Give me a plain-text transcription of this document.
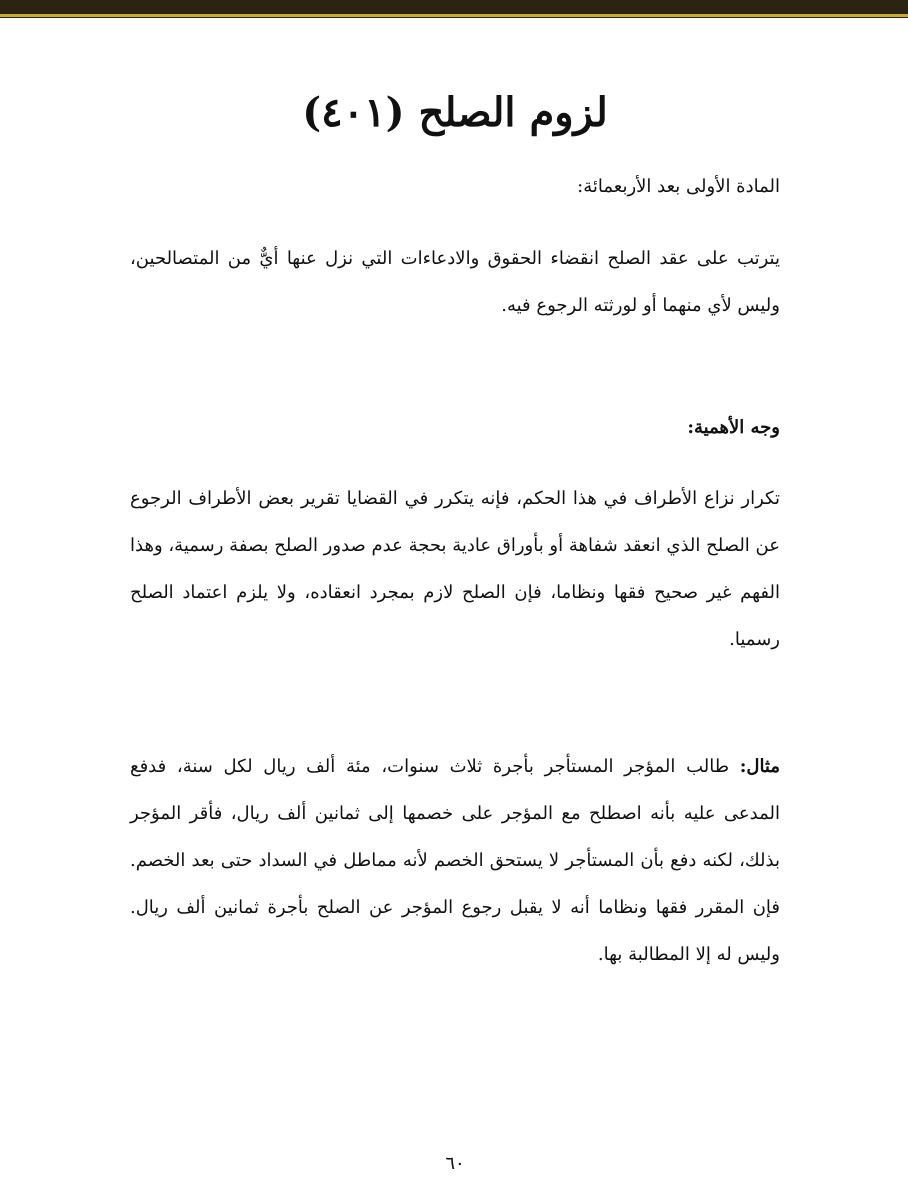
لزوم الصلح (٤٠١)

المادة الأولى بعد الأربعمائة:

يترتب على عقد الصلح انقضاء الحقوق والادعاءات التي نزل عنها أيٌّ من المتصالحين، وليس لأي منهما أو لورثته الرجوع فيه.

وجه الأهمية:

تكرار نزاع الأطراف في هذا الحكم، فإنه يتكرر في القضايا تقرير بعض الأطراف الرجوع عن الصلح الذي انعقد شفاهة أو بأوراق عادية بحجة عدم صدور الصلح بصفة رسمية، وهذا الفهم غير صحيح فقها ونظاما، فإن الصلح لازم بمجرد انعقاده، ولا يلزم اعتماد الصلح رسميا.

مثال: طالب المؤجر المستأجر بأجرة ثلاث سنوات، مئة ألف ريال لكل سنة، فدفع المدعى عليه بأنه اصطلح مع المؤجر على خصمها إلى ثمانين ألف ريال، فأقر المؤجر بذلك، لكنه دفع بأن المستأجر لا يستحق الخصم لأنه مماطل في السداد حتى بعد الخصم. فإن المقرر فقها ونظاما أنه لا يقبل رجوع المؤجر عن الصلح بأجرة ثمانين ألف ريال. وليس له إلا المطالبة بها.

٦٠
